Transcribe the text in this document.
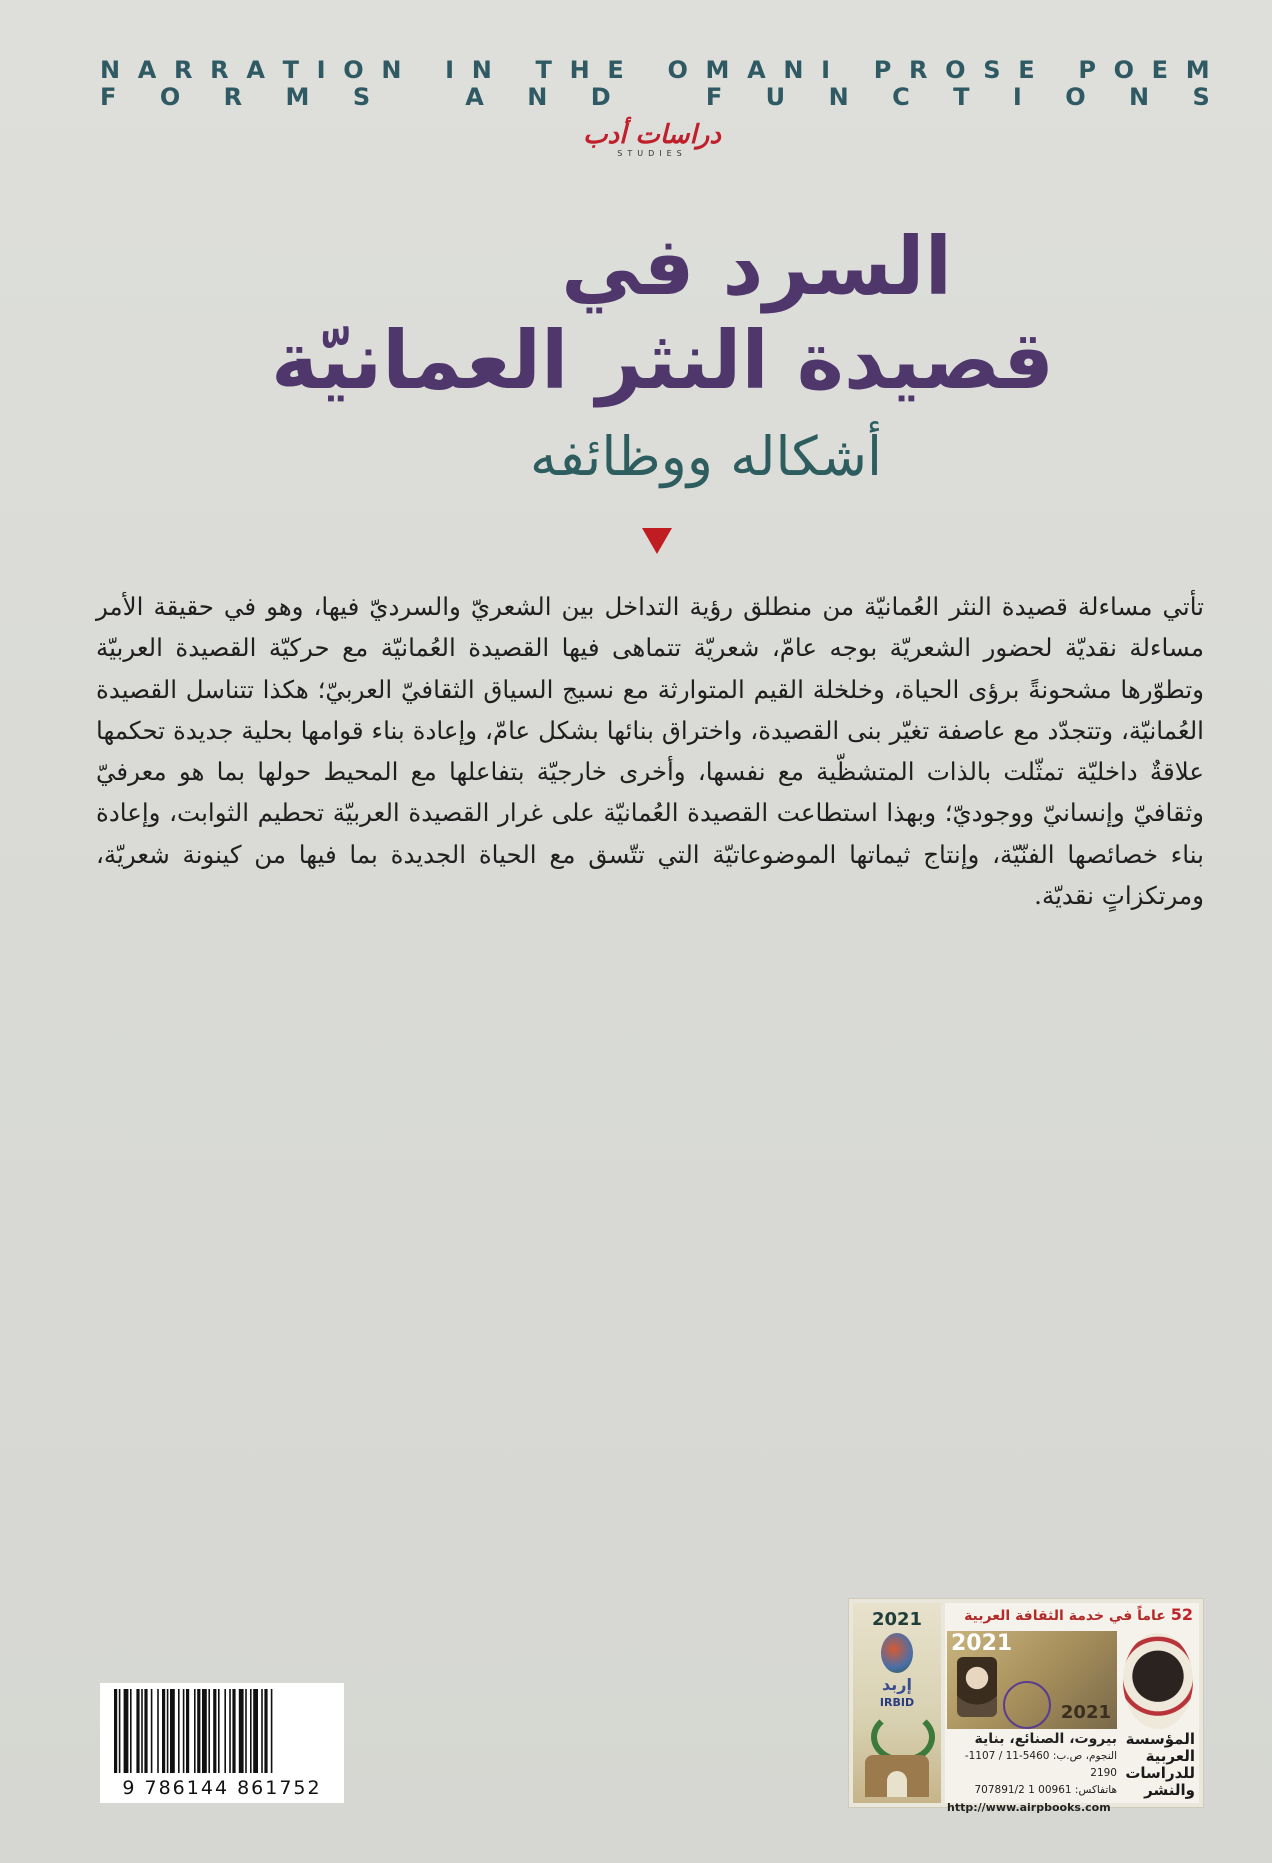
N A R R A T I O N
I N
T H E
O M A N I
P R O S E
P O E M
F O R M S
	A N D
	F U N C T I O N S
دراسات أدب
STUDIES
السرد في
قصيدة النثر العمانيّة
أشكاله ووظائفه
تأتي مساءلة قصيدة النثر العُمانيّة من منطلق رؤية التداخل بين الشعريّ والسرديّ فيها، وهو في حقيقة الأمر مساءلة نقديّة لحضور الشعريّة بوجه عامّ، شعريّة تتماهى فيها القصيدة العُمانيّة مع حركيّة القصيدة العربيّة وتطوّرها مشحونةً برؤى الحياة، وخلخلة القيم المتوارثة مع نسيج السياق الثقافيّ العربيّ؛ هكذا تتناسل القصيدة العُمانيّة، وتتجدّد مع عاصفة تغيّر بنى القصيدة، واختراق بنائها بشكل عامّ، وإعادة بناء قوامها بحلية جديدة تحكمها علاقةٌ داخليّة تمثّلت بالذات المتشظّية مع نفسها، وأخرى خارجيّة بتفاعلها مع المحيط حولها بما هو معرفيّ وثقافيّ وإنسانيّ ووجوديّ؛ وبهذا استطاعت القصيدة العُمانيّة على غرار القصيدة العربيّة تحطيم الثوابت، وإعادة بناء خصائصها الفنّيّة، وإنتاج ثيماتها الموضوعاتيّة التي تتّسق مع الحياة الجديدة بما فيها من كينونة شعريّة، ومرتكزاتٍ نقديّة.
9 786144 861752
2021
إربد
IRBID
52 عاماً في خدمة الثقافة العربية
2021
2021
بيروت، الصنائع، بناية
النجوم، ص.ب: 5460-11 / 1107-2190
هاتفاكس: 00961 1 707891/2
http://www.airpbooks.com
المؤسسة
العربية
للدراسات
والنشر
